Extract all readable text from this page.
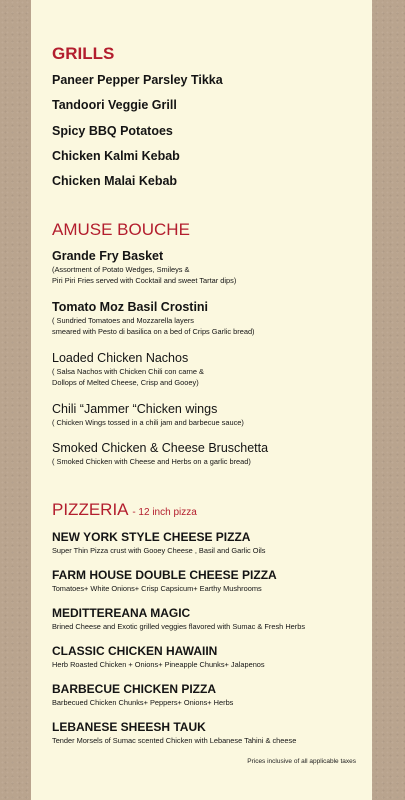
GRILLS
Paneer Pepper Parsley Tikka
Tandoori Veggie Grill
Spicy BBQ Potatoes
Chicken Kalmi Kebab
Chicken Malai Kebab
AMUSE BOUCHE
Grande Fry Basket
(Assortment of Potato Wedges, Smileys &
Piri Piri Fries served with Cocktail and sweet Tartar dips)
Tomato Moz Basil Crostini
( Sundried Tomatoes and Mozzarella layers
smeared with Pesto di basilica on a bed of Crips Garlic bread)
Loaded Chicken Nachos
( Salsa Nachos with Chicken Chili con carne &
Dollops of Melted Cheese, Crisp and Gooey)
Chili “Jammer “Chicken wings
( Chicken Wings tossed in a chili jam and barbecue sauce)
Smoked Chicken & Cheese Bruschetta
( Smoked Chicken with Cheese and Herbs on a garlic bread)
PIZZERIA - 12 inch pizza
NEW YORK STYLE CHEESE PIZZA
Super Thin Pizza crust with Gooey Cheese , Basil and Garlic Oils
FARM HOUSE DOUBLE CHEESE PIZZA
Tomatoes+ White Onions+ Crisp Capsicum+ Earthy Mushrooms
MEDITTEREANA MAGIC
Brined Cheese and Exotic grilled veggies flavored with Sumac & Fresh Herbs
CLASSIC CHICKEN HAWAIIN
Herb Roasted Chicken + Onions+ Pineapple Chunks+ Jalapenos
BARBECUE CHICKEN PIZZA
Barbecued Chicken Chunks+ Peppers+ Onions+ Herbs
LEBANESE SHEESH TAUK
Tender Morsels of Sumac scented Chicken with Lebanese Tahini & cheese
Prices inclusive of all applicable taxes
